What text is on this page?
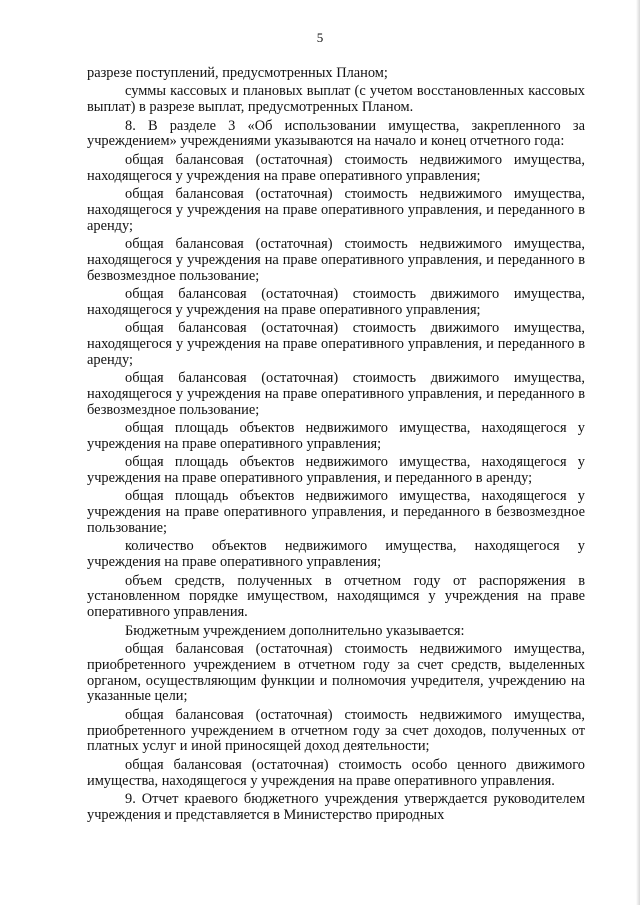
5

разрезе поступлений, предусмотренных Планом;

суммы кассовых и плановых выплат (с учетом восстановленных кассовых выплат) в разрезе выплат, предусмотренных Планом.

8. В разделе 3 «Об использовании имущества, закрепленного за учреждением» учреждениями указываются на начало и конец отчетного года:

общая балансовая (остаточная) стоимость недвижимого имущества, находящегося у учреждения на праве оперативного управления;

общая балансовая (остаточная) стоимость недвижимого имущества, находящегося у учреждения на праве оперативного управления, и переданного в аренду;

общая балансовая (остаточная) стоимость недвижимого имущества, находящегося у учреждения на праве оперативного управления, и переданного в безвозмездное пользование;

общая балансовая (остаточная) стоимость движимого имущества, находящегося у учреждения на праве оперативного управления;

общая балансовая (остаточная) стоимость движимого имущества, находящегося у учреждения на праве оперативного управления, и переданного в аренду;

общая балансовая (остаточная) стоимость движимого имущества, находящегося у учреждения на праве оперативного управления, и переданного в безвозмездное пользование;

общая площадь объектов недвижимого имущества, находящегося у учреждения на праве оперативного управления;

общая площадь объектов недвижимого имущества, находящегося у учреждения на праве оперативного управления, и переданного в аренду;

общая площадь объектов недвижимого имущества, находящегося у учреждения на праве оперативного управления, и переданного в безвозмездное пользование;

количество объектов недвижимого имущества, находящегося у учреждения на праве оперативного управления;

объем средств, полученных в отчетном году от распоряжения в установленном порядке имуществом, находящимся у учреждения на праве оперативного управления.

Бюджетным учреждением дополнительно указывается:

общая балансовая (остаточная) стоимость недвижимого имущества, приобретенного учреждением в отчетном году за счет средств, выделенных органом, осуществляющим функции и полномочия учредителя, учреждению на указанные цели;

общая балансовая (остаточная) стоимость недвижимого имущества, приобретенного учреждением в отчетном году за счет доходов, полученных от платных услуг и иной приносящей доход деятельности;

общая балансовая (остаточная) стоимость особо ценного движимого имущества, находящегося у учреждения на праве оперативного управления.

9. Отчет краевого бюджетного учреждения утверждается руководителем учреждения и представляется в Министерство природных
